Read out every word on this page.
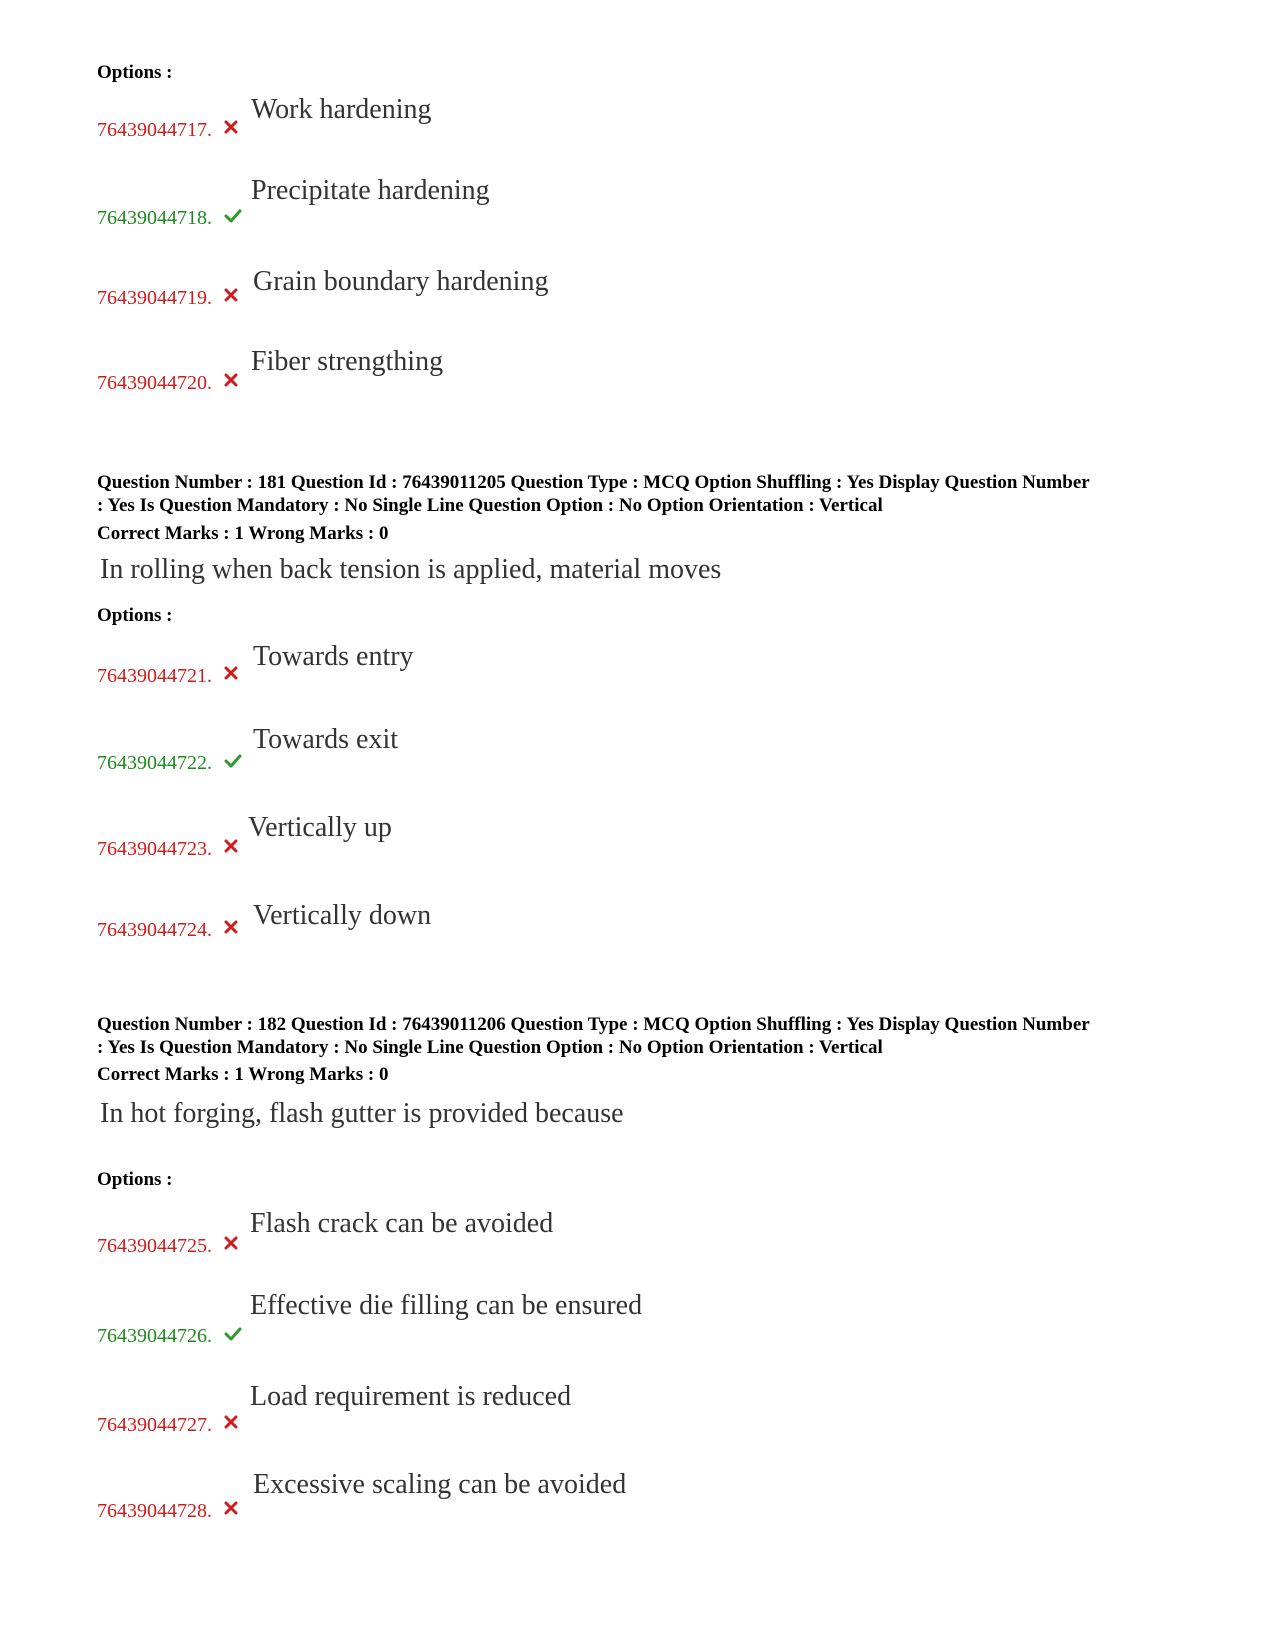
Options :
76439044717.
Work hardening
76439044718.
Precipitate hardening
76439044719.
Grain boundary hardening
76439044720.
Fiber strengthing
Question Number : 181 Question Id : 76439011205 Question Type : MCQ Option Shuffling : Yes Display Question Number
: Yes Is Question Mandatory : No Single Line Question Option : No Option Orientation : Vertical
Correct Marks : 1 Wrong Marks : 0
In rolling when back tension is applied, material moves
Options :
76439044721.
Towards entry
76439044722.
Towards exit
76439044723.
Vertically up
76439044724. Vertically down
Question Number : 182 Question Id : 76439011206 Question Type : MCQ Option Shuffling : Yes Display Question Number
: Yes Is Question Mandatory : No Single Line Question Option : No Option Orientation : Vertical
Correct Marks : 1 Wrong Marks : 0
In hot forging, flash gutter is provided because
Options :
76439044725.
Flash crack can be avoided
76439044726.
Effective die filling can be ensured
76439044727.
Load requirement is reduced
76439044728.
Excessive scaling can be avoided
